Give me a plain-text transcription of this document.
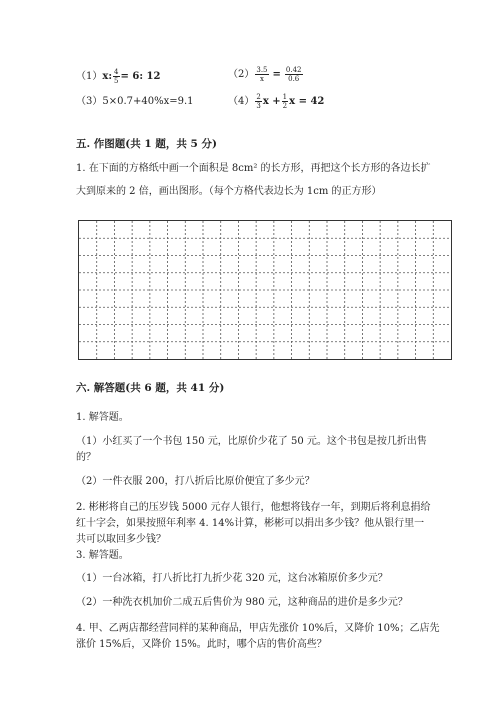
（1）x: $\frac{4}{5} = 6$: 12	$(2) \frac{3.5}{x} = \frac{0.42}{0.6}$
（3）5×0.7+40%x=9.1	$(4) \frac{2}{3}$ $x + \frac{1}{2}$ x = 42
五. 作图题(共 1 题，共 5 分)
1. 在下面的方格纸中画一个面积是 8cm² 的长方形，再把这个长方形的各边长扩
大到原来的 2 倍，画出图形。（每个方格代表边长为 1cm 的正方形）
六. 解答题(共 6 题，共 41 分)
1. 解答题。
（1）小红买了一个书包 150 元，比原价少花了 50 元。这个书包是按几折出售
的？
（2）一件衣服 200，打八折后比原价便宜了多少元？
2. 彬彬将自己的压岁钱 5000 元存人银行，他想将钱存一年，到期后将利息捐给
红十字会，如果按照年利率 4. 14%计算，彬彬可以捐出多少钱？他从银行里一
共可以取回多少钱？
3. 解答题。
（1）一台冰箱，打八折比打九折少花 320 元，这台冰箱原价多少元？
（2）一种洗衣机加价二成五后售价为 980 元，这种商品的进价是多少元？
4. 甲、乙两店都经营同样的某种商品，甲店先涨价 10%后，又降价 10%；乙店先
涨价 15%后，又降价 15%。此时，哪个店的售价高些？
